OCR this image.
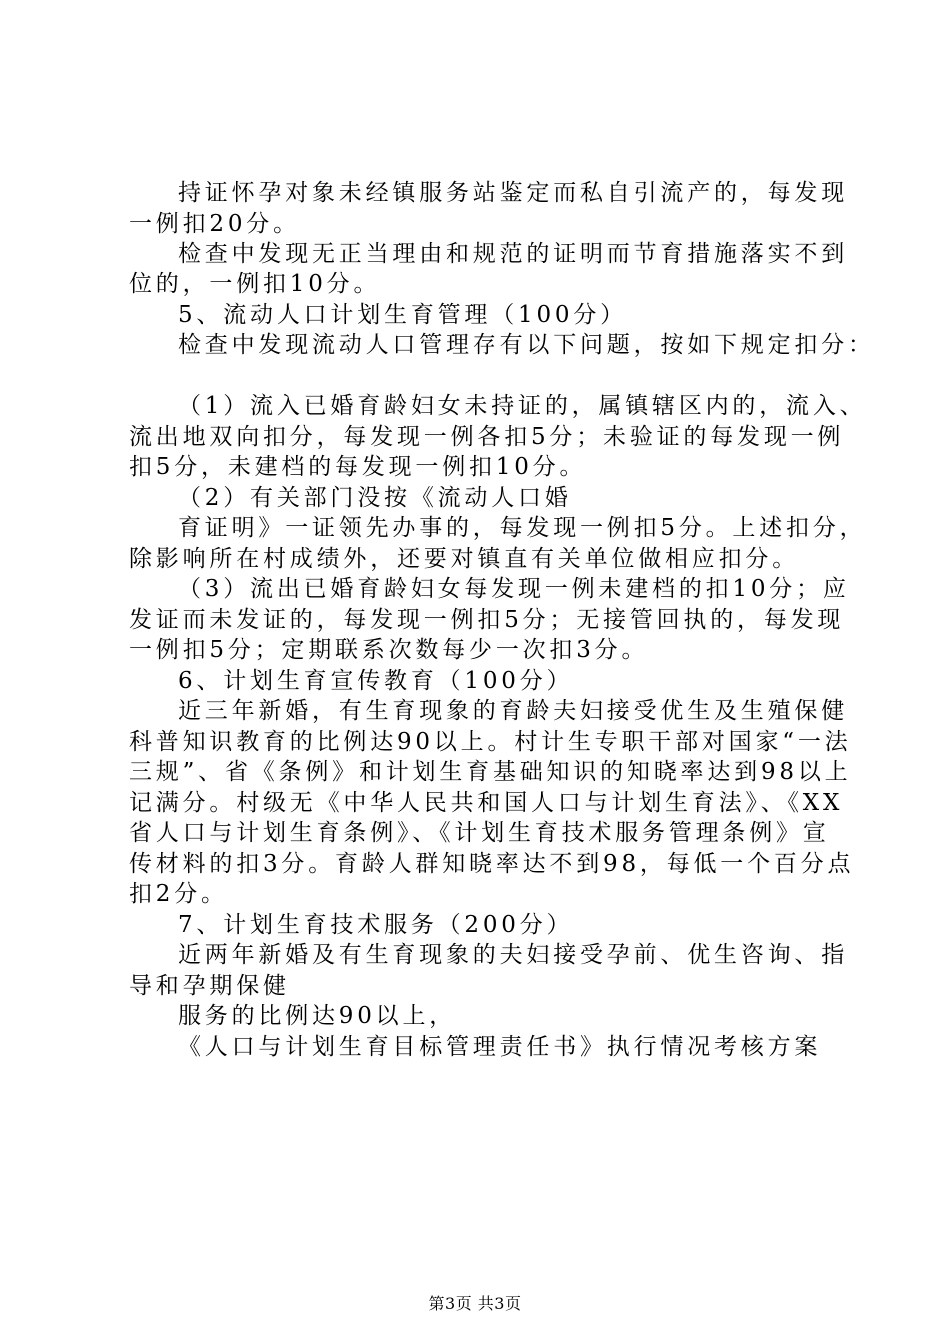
持证怀孕对象未经镇服务站鉴定而私自引流产的，每发现
一例扣20分。
检查中发现无正当理由和规范的证明而节育措施落实不到
位的，一例扣10分。
5、流动人口计划生育管理（100分）
检查中发现流动人口管理存有以下问题，按如下规定扣分：
（1）流入已婚育龄妇女未持证的，属镇辖区内的，流入、
流出地双向扣分，每发现一例各扣5分；未验证的每发现一例
扣5分，未建档的每发现一例扣10分。
（2）有关部门没按《流动人口婚
育证明》一证领先办事的，每发现一例扣5分。上述扣分，
除影响所在村成绩外，还要对镇直有关单位做相应扣分。
（3）流出已婚育龄妇女每发现一例未建档的扣10分；应
发证而未发证的，每发现一例扣5分；无接管回执的，每发现
一例扣5分；定期联系次数每少一次扣3分。
6、计划生育宣传教育（100分）
近三年新婚，有生育现象的育龄夫妇接受优生及生殖保健
科普知识教育的比例达90以上。村计生专职干部对国家“一法
三规”、省《条例》和计划生育基础知识的知晓率达到98以上
记满分。村级无《中华人民共和国人口与计划生育法》、《XX
省人口与计划生育条例》、《计划生育技术服务管理条例》宣
传材料的扣3分。育龄人群知晓率达不到98，每低一个百分点
扣2分。
7、计划生育技术服务（200分）
近两年新婚及有生育现象的夫妇接受孕前、优生咨询、指
导和孕期保健
服务的比例达90以上，
《人口与计划生育目标管理责任书》执行情况考核方案
第3页 共3页
